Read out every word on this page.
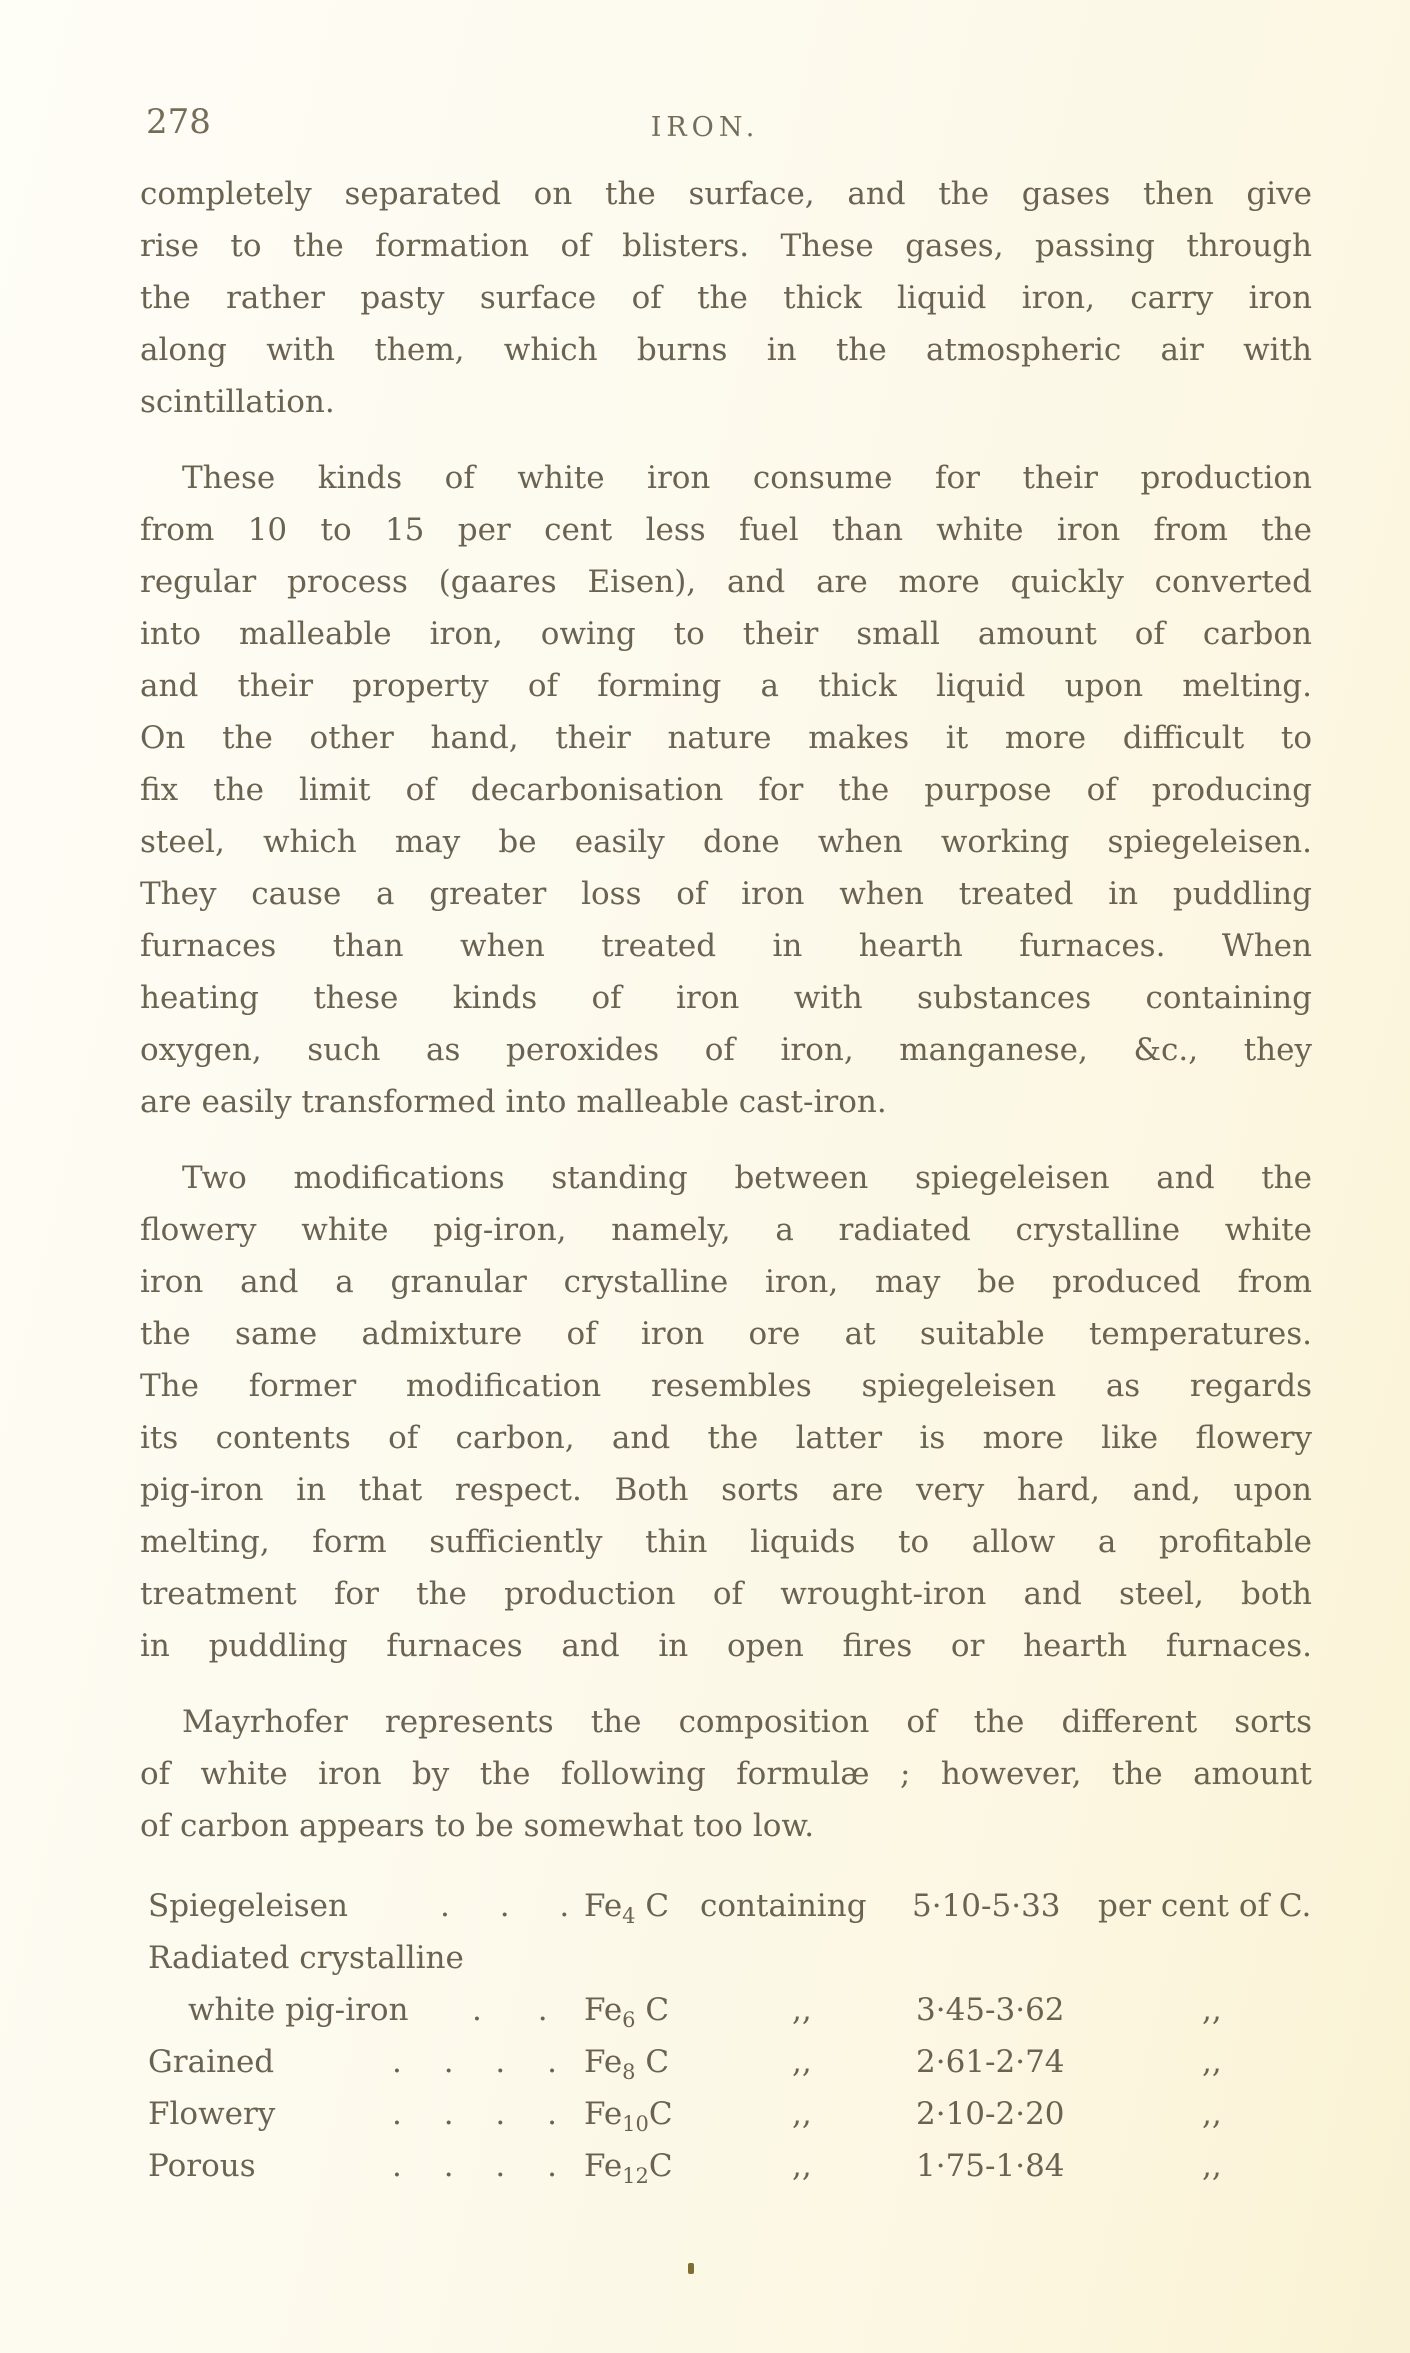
278	IRON.
completely separated on the surface, and the gases then give
rise to the formation of blisters. These gases, passing through
the rather pasty surface of the thick liquid iron, carry iron
along with them, which burns in the atmospheric air with
scintillation.
These kinds of white iron consume for their production
from 10 to 15 per cent less fuel than white iron from the
regular process (gaares Eisen), and are more quickly converted
into malleable iron, owing to their small amount of carbon
and their property of forming a thick liquid upon melting.
On the other hand, their nature makes it more difficult to
fix the limit of decarbonisation for the purpose of producing
steel, which may be easily done when working spiegeleisen.
They cause a greater loss of iron when treated in puddling
furnaces than when treated in hearth furnaces. When
heating these kinds of iron with substances containing
oxygen, such as peroxides of iron, manganese, &c., they
are easily transformed into malleable cast-iron.
Two modifications standing between spiegeleisen and the
flowery white pig-iron, namely, a radiated crystalline white
iron and a granular crystalline iron, may be produced from
the same admixture of iron ore at suitable temperatures.
The former modification resembles spiegeleisen as regards
its contents of carbon, and the latter is more like flowery
pig-iron in that respect. Both sorts are very hard, and, upon
melting, form sufficiently thin liquids to allow a profitable
treatment for the production of wrought-iron and steel, both
in puddling furnaces and in open fires or hearth furnaces.
Mayrhofer represents the composition of the different sorts
of white iron by the following formulæ ; however, the amount
of carbon appears to be somewhat too low.
Spiegeleisen	. . . $Fe_4$ C containing 5·10-5·33 per cent of C.
Radiated crystalline
white pig-iron . . $Fe_6$ C	,,	3·45-3·62	,,
Grained	. . . . $Fe_8$ C	,,	2·61-2·74	,,
Flowery	. . . . $Fe_{10}C$	,,	2·10-2·20	,,
Porous	. . . . $Fe_{12}C$	,,	1·75-1·84	,,
